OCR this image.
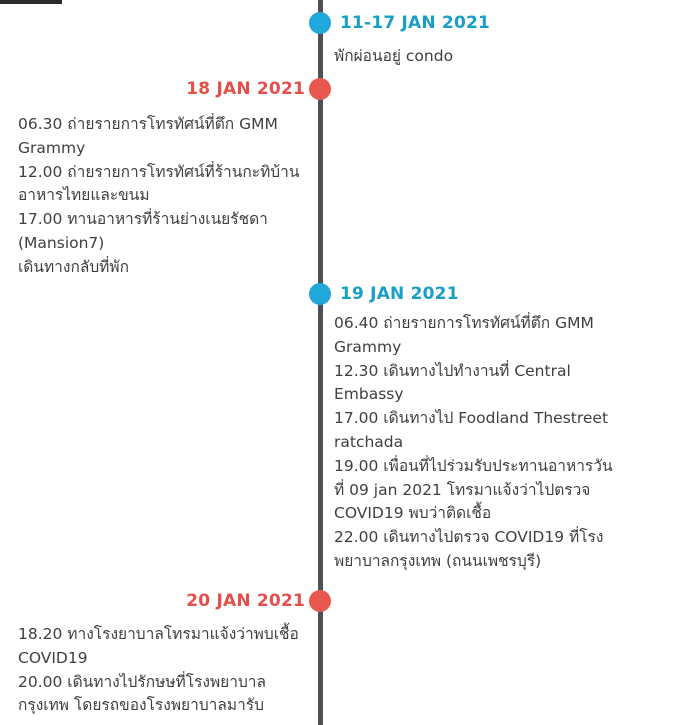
11-17 JAN 2021
พักผ่อนอยู่ condo
18 JAN 2021
06.30 ถ่ายรายการโทรทัศน์ที่ตึก GMM
Grammy
12.00 ถ่ายรายการโทรทัศน์ที่ร้านกะทิบ้าน
อาหารไทยและขนม
17.00 ทานอาหารที่ร้านย่างเนยรัชดา
(Mansion7)
เดินทางกลับที่พัก
19 JAN 2021
06.40 ถ่ายรายการโทรทัศน์ที่ตึก GMM
Grammy
12.30 เดินทางไปทำงานที่ Central
Embassy
17.00 เดินทางไป Foodland Thestreet
ratchada
19.00 เพื่อนที่ไปร่วมรับประทานอาหารวัน
ที่ 09 jan 2021 โทรมาแจ้งว่าไปตรวจ
COVID19 พบว่าติดเชื้อ
22.00 เดินทางไปตรวจ COVID19 ที่โรง
พยาบาลกรุงเทพ (ถนนเพชรบุรี)
20 JAN 2021
18.20 ทางโรงยาบาลโทรมาแจ้งว่าพบเชื้อ
COVID19
20.00 เดินทางไปรักษษที่โรงพยาบาล
กรุงเทพ โดยรถของโรงพยาบาลมารับ
